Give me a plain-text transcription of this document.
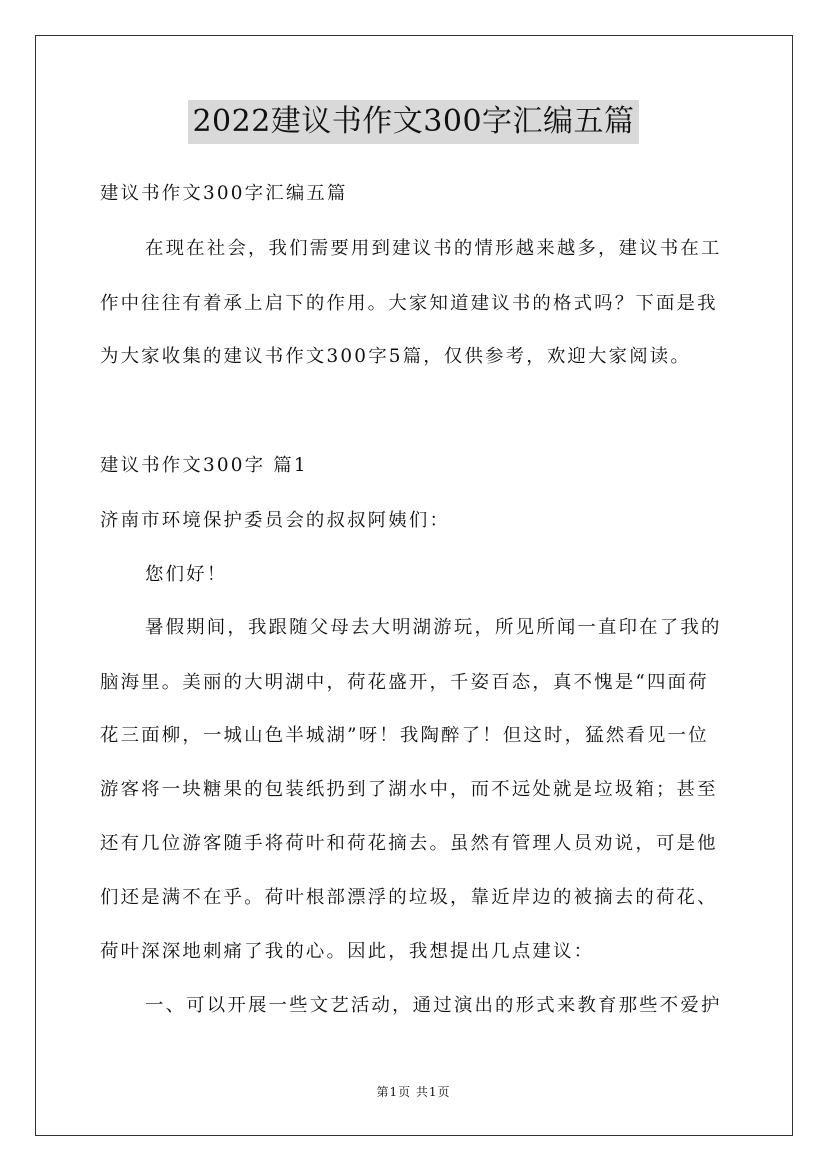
2022建议书作文300字汇编五篇
建议书作文300字汇编五篇
在现在社会，我们需要用到建议书的情形越来越多，建议书在工
作中往往有着承上启下的作用。大家知道建议书的格式吗？下面是我
为大家收集的建议书作文300字5篇，仅供参考，欢迎大家阅读。
建议书作文300字 篇1
济南市环境保护委员会的叔叔阿姨们：
您们好！
暑假期间，我跟随父母去大明湖游玩，所见所闻一直印在了我的
脑海里。美丽的大明湖中，荷花盛开，千姿百态，真不愧是“四面荷
花三面柳，一城山色半城湖”呀！我陶醉了！但这时，猛然看见一位
游客将一块糖果的包装纸扔到了湖水中，而不远处就是垃圾箱；甚至
还有几位游客随手将荷叶和荷花摘去。虽然有管理人员劝说，可是他
们还是满不在乎。荷叶根部漂浮的垃圾，靠近岸边的被摘去的荷花、
荷叶深深地刺痛了我的心。因此，我想提出几点建议：
一、可以开展一些文艺活动，通过演出的形式来教育那些不爱护
第1页 共1页
